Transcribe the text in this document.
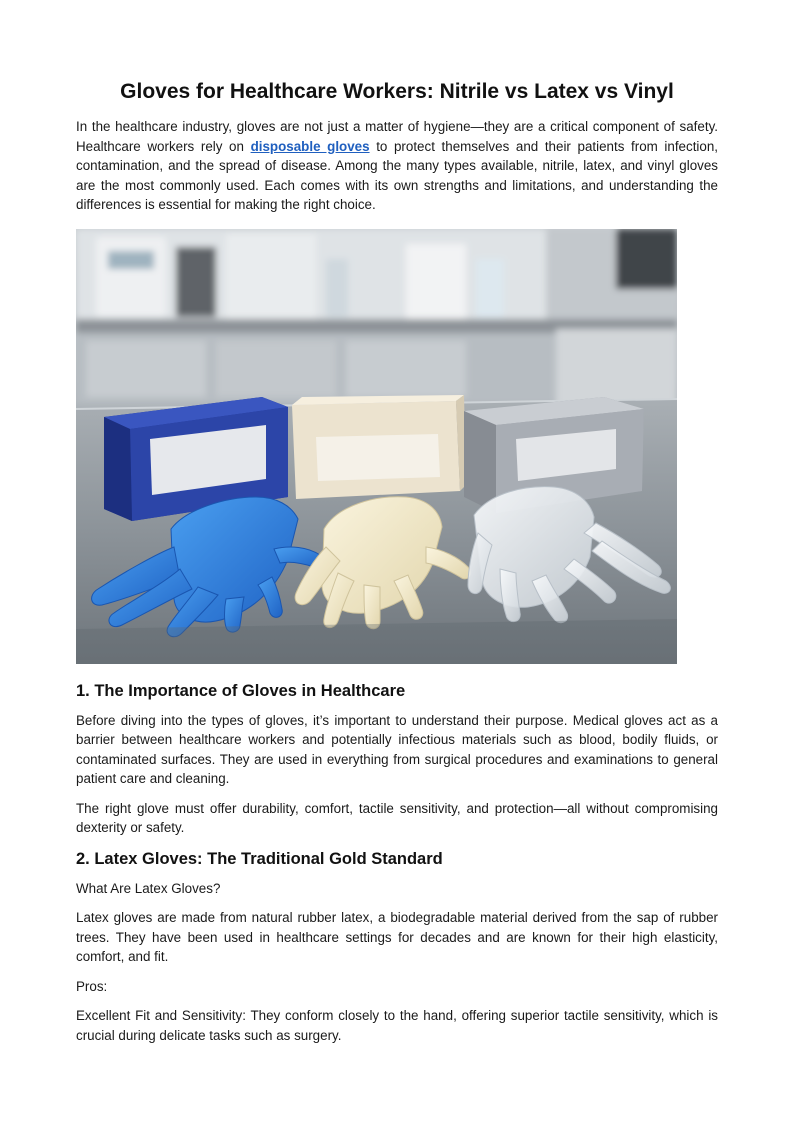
Gloves for Healthcare Workers: Nitrile vs Latex vs Vinyl

In the healthcare industry, gloves are not just a matter of hygiene—they are a critical component of safety. Healthcare workers rely on disposable gloves to protect themselves and their patients from infection, contamination, and the spread of disease. Among the many types available, nitrile, latex, and vinyl gloves are the most commonly used. Each comes with its own strengths and limitations, and understanding the differences is essential for making the right choice.

1. The Importance of Gloves in Healthcare

Before diving into the types of gloves, it’s important to understand their purpose. Medical gloves act as a barrier between healthcare workers and potentially infectious materials such as blood, bodily fluids, or contaminated surfaces. They are used in everything from surgical procedures and examinations to general patient care and cleaning.

The right glove must offer durability, comfort, tactile sensitivity, and protection—all without compromising dexterity or safety.

2. Latex Gloves: The Traditional Gold Standard

What Are Latex Gloves?

Latex gloves are made from natural rubber latex, a biodegradable material derived from the sap of rubber trees. They have been used in healthcare settings for decades and are known for their high elasticity, comfort, and fit.

Pros:

Excellent Fit and Sensitivity: They conform closely to the hand, offering superior tactile sensitivity, which is crucial during delicate tasks such as surgery.
